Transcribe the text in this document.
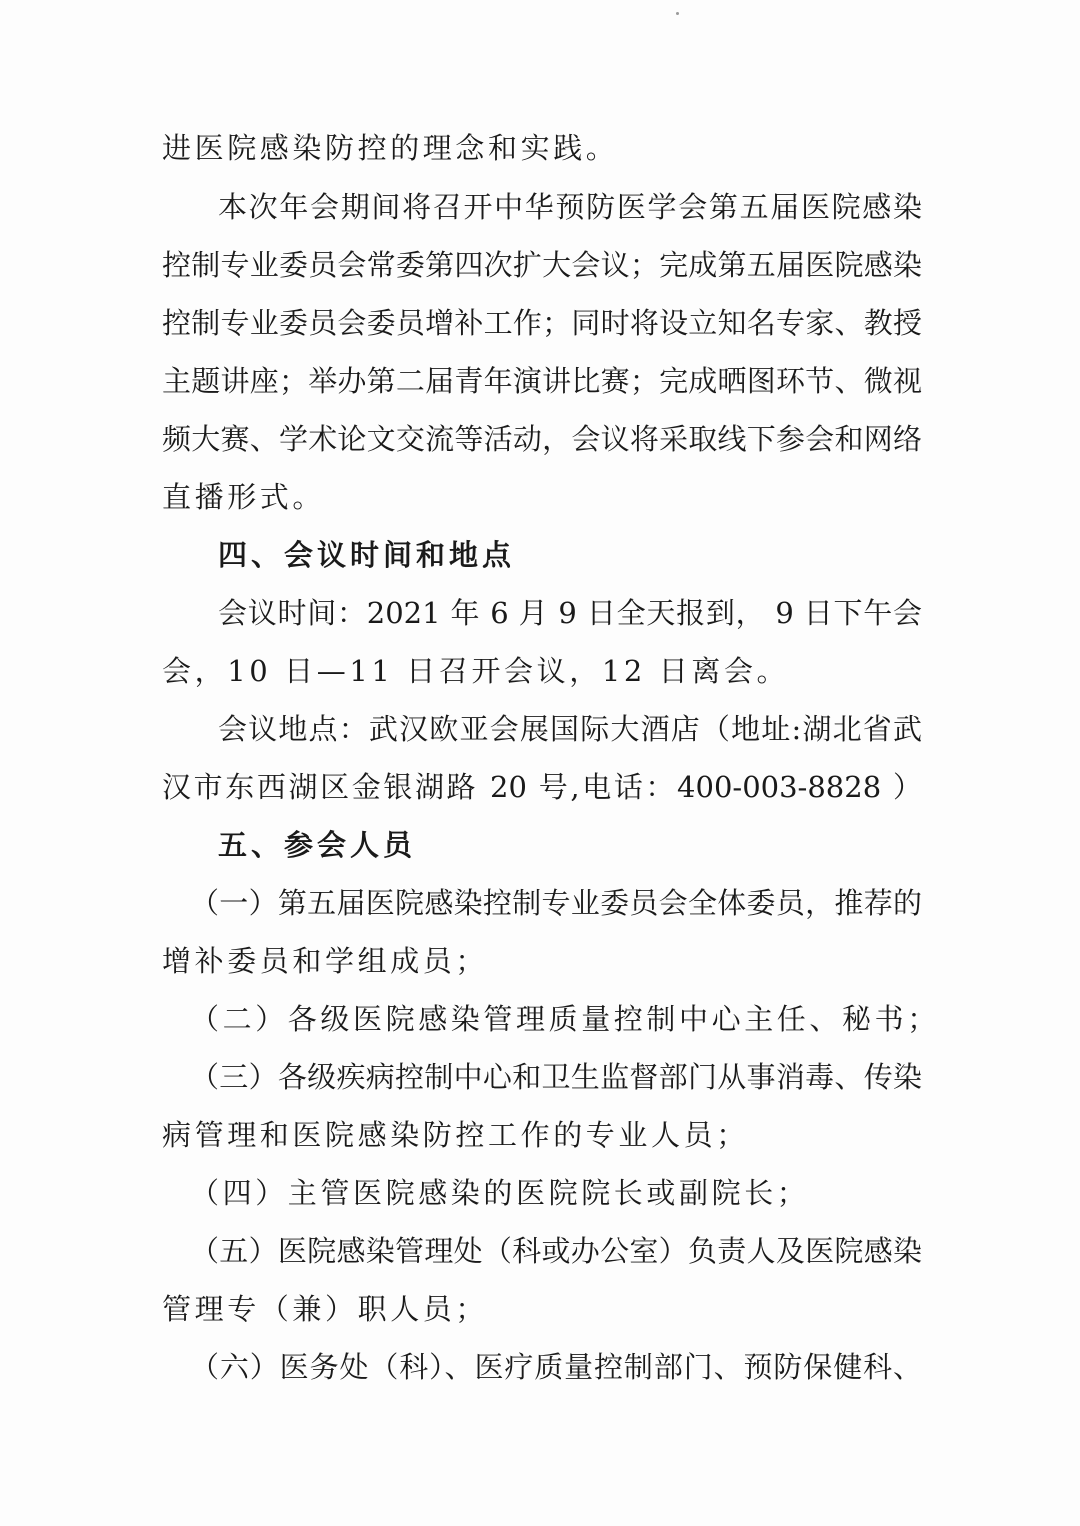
进医院感染防控的理念和实践。
本次年会期间将召开中华预防医学会第五届医院感染
控制专业委员会常委第四次扩大会议；完成第五届医院感染
控制专业委员会委员增补工作；同时将设立知名专家、教授
主题讲座；举办第二届青年演讲比赛；完成晒图环节、微视
频大赛、学术论文交流等活动，会议将采取线下参会和网络
直播形式。
四、会议时间和地点
会议时间：2021 年 6 月 9 日全天报到， 9 日下午会
会，10 日—11 日召开会议，12 日离会。
会议地点：武汉欧亚会展国际大酒店（地址:湖北省武
汉市东西湖区金银湖路 20 号,电话：400-003-8828 ）
五、参会人员
（一）第五届医院感染控制专业委员会全体委员，推荐的
增补委员和学组成员；
（二）各级医院感染管理质量控制中心主任、秘书；
（三）各级疾病控制中心和卫生监督部门从事消毒、传染
病管理和医院感染防控工作的专业人员；
（四）主管医院感染的医院院长或副院长；
（五）医院感染管理处（科或办公室）负责人及医院感染
管理专（兼）职人员；
（六）医务处（科）、医疗质量控制部门、预防保健科、
